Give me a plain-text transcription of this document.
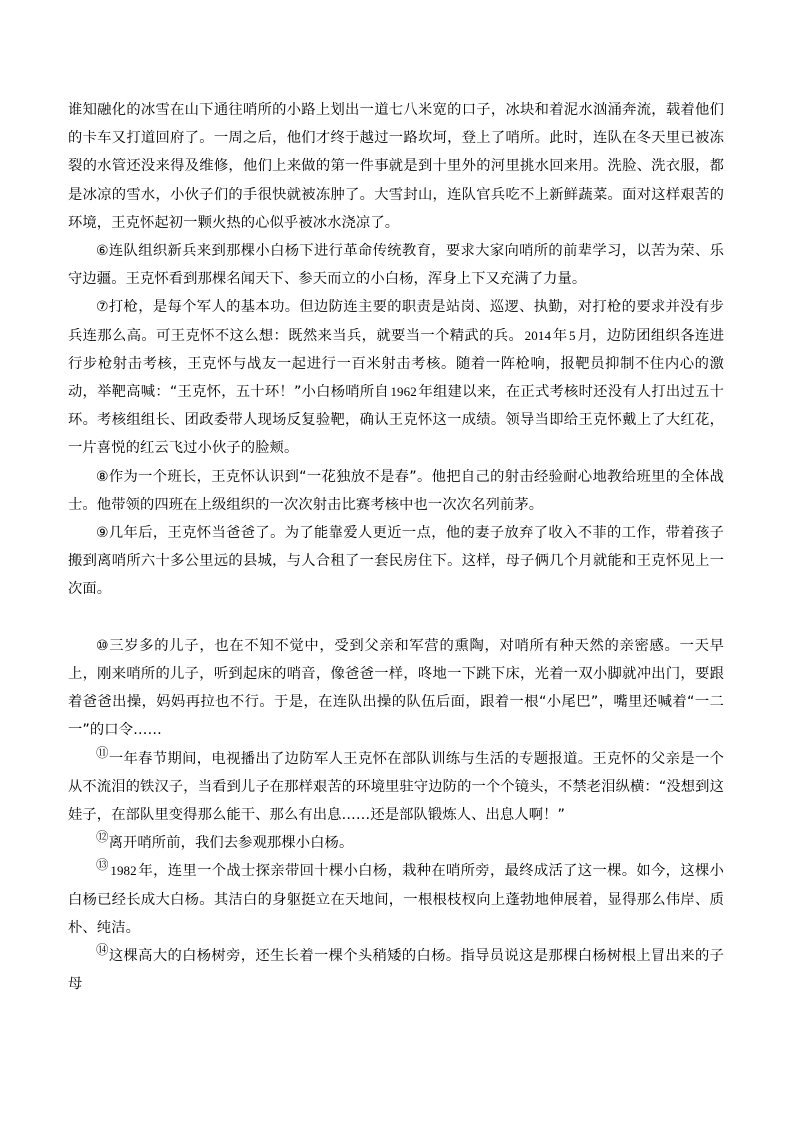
谁知融化的冰雪在山下通往哨所的小路上划出一道七八米宽的口子，冰块和着泥水汹涌奔流，载着他们的卡车又打道回府了。一周之后，他们才终于越过一路坎坷，登上了哨所。此时，连队在冬天里已被冻裂的水管还没来得及维修，他们上来做的第一件事就是到十里外的河里挑水回来用。洗脸、洗衣服，都是冰凉的雪水，小伙子们的手很快就被冻肿了。大雪封山，连队官兵吃不上新鲜蔬菜。面对这样艰苦的环境，王克怀起初一颗火热的心似乎被冰水浇凉了。

⑥连队组织新兵来到那棵小白杨下进行革命传统教育，要求大家向哨所的前辈学习，以苦为荣、乐守边疆。王克怀看到那棵名闻天下、参天而立的小白杨，浑身上下又充满了力量。

⑦打枪，是每个军人的基本功。但边防连主要的职责是站岗、巡逻、执勤，对打枪的要求并没有步兵连那么高。可王克怀不这么想：既然来当兵，就要当一个精武的兵。 2014 年 5 月，边防团组织各连进行步枪射击考核，王克怀与战友一起进行一百米射击考核。随着一阵枪响，报靶员抑制不住内心的激动，举靶高喊：“王克怀，五十环！”小白杨哨所自 1962 年组建以来，在正式考核时还没有人打出过五十环。考核组组长、团政委带人现场反复验靶，确认王克怀这一成绩。领导当即给王克怀戴上了大红花，一片喜悦的红云飞过小伙子的脸颊。

⑧作为一个班长，王克怀认识到“一花独放不是春”。他把自己的射击经验耐心地教给班里的全体战士。他带领的四班在上级组织的一次次射击比赛考核中也一次次名列前茅。

⑨几年后，王克怀当爸爸了。为了能靠爱人更近一点，他的妻子放弃了收入不菲的工作，带着孩子搬到离哨所六十多公里远的县城，与人合租了一套民房住下。这样，母子俩几个月就能和王克怀见上一次面。

⑩三岁多的儿子，也在不知不觉中，受到父亲和军营的熏陶，对哨所有种天然的亲密感。一天早上，刚来哨所的儿子，听到起床的哨音，像爸爸一样，咚地一下跳下床，光着一双小脚就冲出门，要跟着爸爸出操，妈妈再拉也不行。于是，在连队出操的队伍后面，跟着一根“小尾巴”，嘴里还喊着“一二一”的口令……

⑪一年春节期间，电视播出了边防军人王克怀在部队训练与生活的专题报道。王克怀的父亲是一个从不流泪的铁汉子，当看到儿子在那样艰苦的环境里驻守边防的一个个镜头，不禁老泪纵横：“没想到这娃子，在部队里变得那么能干、那么有出息……还是部队锻炼人、出息人啊！”

⑫离开哨所前，我们去参观那棵小白杨。

⑬ 1982 年，连里一个战士探亲带回十棵小白杨，栽种在哨所旁，最终成活了这一棵。如今，这棵小白杨已经长成大白杨。其洁白的身躯挺立在天地间，一根根枝杈向上蓬勃地伸展着，显得那么伟岸、质朴、纯洁。

⑭这棵高大的白杨树旁，还生长着一棵个头稍矮的白杨。指导员说这是那棵白杨树根上冒出来的子母
